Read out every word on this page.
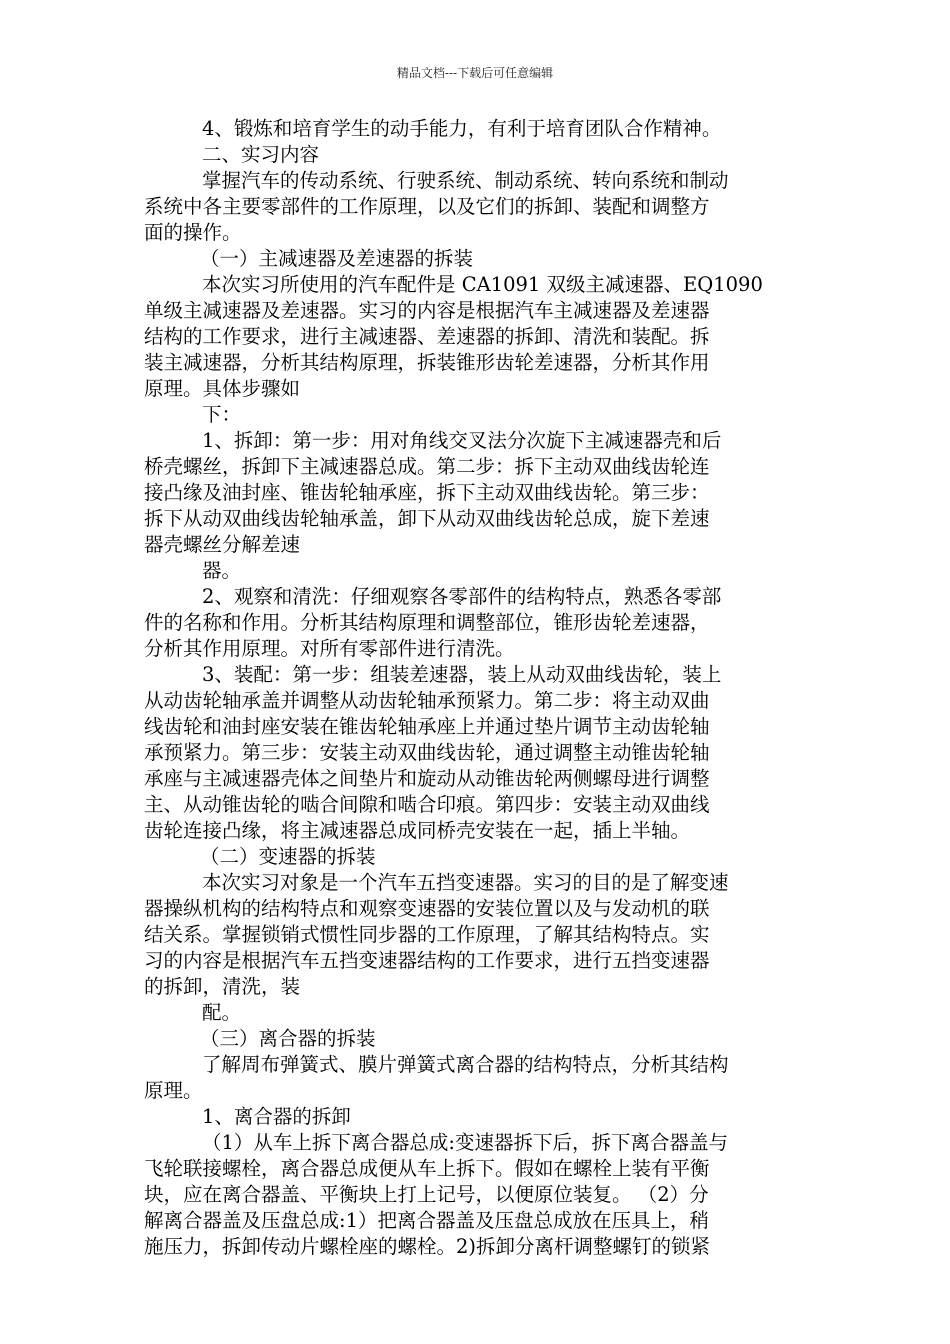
精品文档---下载后可任意编辑
4、锻炼和培育学生的动手能力，有利于培育团队合作精神。
二、实习内容
掌握汽车的传动系统、行驶系统、制动系统、转向系统和制动
系统中各主要零部件的工作原理，以及它们的拆卸、装配和调整方
面的操作。
（一）主减速器及差速器的拆装
本次实习所使用的汽车配件是 CA1091 双级主减速器、EQ1090
单级主减速器及差速器。实习的内容是根据汽车主减速器及差速器
结构的工作要求，进行主减速器、差速器的拆卸、清洗和装配。拆
装主减速器，分析其结构原理，拆装锥形齿轮差速器，分析其作用
原理。具体步骤如
下：
1、拆卸：第一步：用对角线交叉法分次旋下主减速器壳和后
桥壳螺丝，拆卸下主减速器总成。第二步：拆下主动双曲线齿轮连
接凸缘及油封座、锥齿轮轴承座，拆下主动双曲线齿轮。第三步：
拆下从动双曲线齿轮轴承盖，卸下从动双曲线齿轮总成，旋下差速
器壳螺丝分解差速
器。
2、观察和清洗：仔细观察各零部件的结构特点，熟悉各零部
件的名称和作用。分析其结构原理和调整部位，锥形齿轮差速器，
分析其作用原理。对所有零部件进行清洗。
3、装配：第一步：组装差速器，装上从动双曲线齿轮，装上
从动齿轮轴承盖并调整从动齿轮轴承预紧力。第二步：将主动双曲
线齿轮和油封座安装在锥齿轮轴承座上并通过垫片调节主动齿轮轴
承预紧力。第三步：安装主动双曲线齿轮，通过调整主动锥齿轮轴
承座与主减速器壳体之间垫片和旋动从动锥齿轮两侧螺母进行调整
主、从动锥齿轮的啮合间隙和啮合印痕。第四步：安装主动双曲线
齿轮连接凸缘，将主减速器总成同桥壳安装在一起，插上半轴。
（二）变速器的拆装
本次实习对象是一个汽车五挡变速器。实习的目的是了解变速
器操纵机构的结构特点和观察变速器的安装位置以及与发动机的联
结关系。掌握锁销式惯性同步器的工作原理，了解其结构特点。实
习的内容是根据汽车五挡变速器结构的工作要求，进行五挡变速器
的拆卸，清洗，装
配。
（三）离合器的拆装
了解周布弹簧式、膜片弹簧式离合器的结构特点，分析其结构
原理。
1、离合器的拆卸
（1）从车上拆下离合器总成:变速器拆下后，拆下离合器盖与
飞轮联接螺栓，离合器总成便从车上拆下。假如在螺栓上装有平衡
块，应在离合器盖、平衡块上打上记号，以便原位装复。 （2）分
解离合器盖及压盘总成:1）把离合器盖及压盘总成放在压具上，稍
施压力，拆卸传动片螺栓座的螺栓。2)拆卸分离杆调整螺钉的锁紧
